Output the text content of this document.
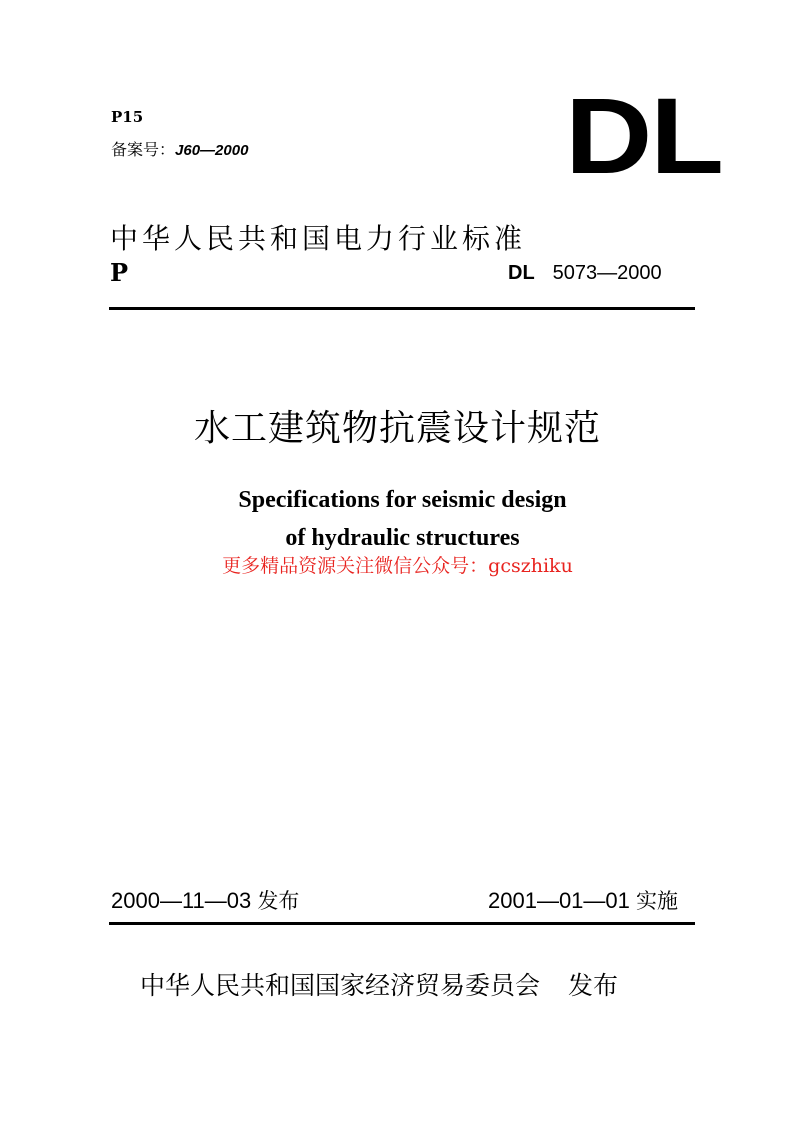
P15
备案号：J60—2000	DL
中华人民共和国电力行业标准
P	DL 5073—2000
水工建筑物抗震设计规范
Specifications for seismic design
of hydraulic structures
更多精品资源关注微信公众号：gcszhiku
2000—11—03 发布	2001—01—01 实施
中华人民共和国国家经济贸易委员会 发布
